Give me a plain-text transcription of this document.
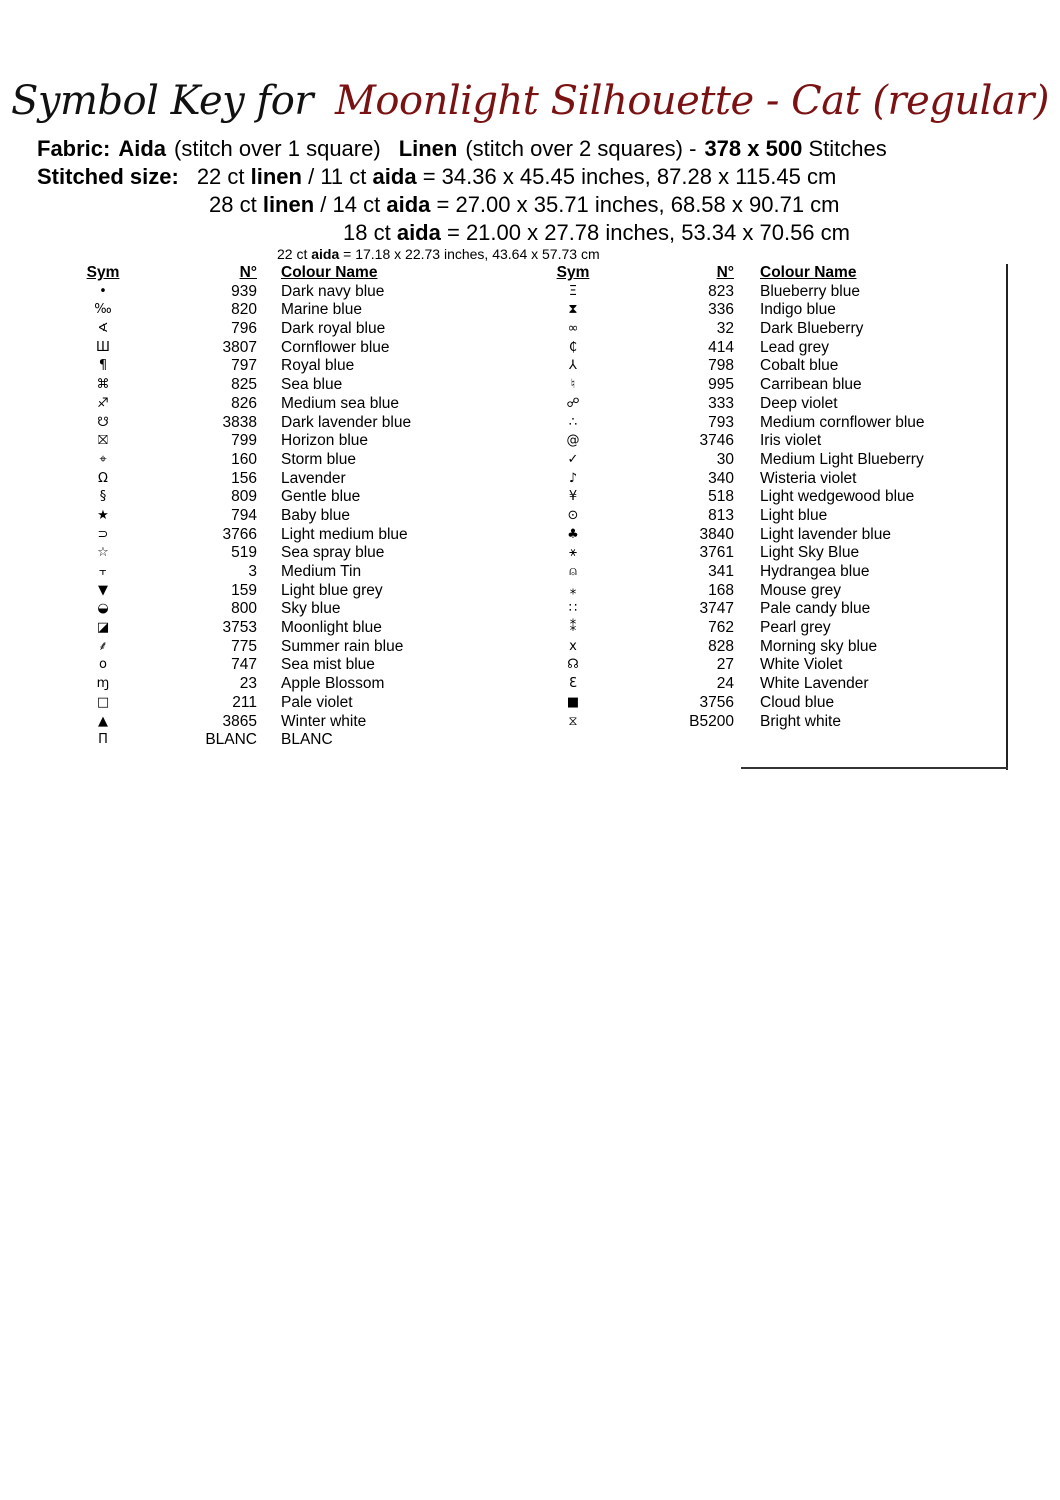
Symbol Key for Moonlight Silhouette - Cat (regular)
Fabric: Aida (stitch over 1 square) Linen (stitch over 2 squares) - 378 x 500 Stitches
Stitched size: 22 ct linen / 11 ct aida = 34.36 x 45.45 inches, 87.28 x 115.45 cm
28 ct linen / 14 ct aida = 27.00 x 35.71 inches, 68.58 x 90.71 cm
18 ct aida = 21.00 x 27.78 inches, 53.34 x 70.56 cm
22 ct aida = 17.18 x 22.73 inches, 43.64 x 57.73 cm
Sym	N° Colour Name
•	939 Dark navy blue
‰	820 Marine blue
∢	796 Dark royal blue
Ш	3807 Cornflower blue
¶	797 Royal blue
⌘	825 Sea blue
♐	826 Medium sea blue
☋	3838 Dark lavender blue
⛝	799 Horizon blue
⌖	160 Storm blue
Ω	156 Lavender
§	809 Gentle blue
★	794 Baby blue
⊃	3766 Light medium blue
☆	519 Sea spray blue
⫟	3 Medium Tin
▼	159 Light blue grey
◒	800 Sky blue
◪	3753 Moonlight blue
⸙	775 Summer rain blue
o	747 Sea mist blue
ɱ	23 Apple Blossom
□	211 Pale violet
▲	3865 Winter white
Π	BLANC BLANC
Sym	N° Colour Name
Ξ	823 Blueberry blue
⧗	336 Indigo blue
∞	32 Dark Blueberry
₵	414 Lead grey
⅄	798 Cobalt blue
♮	995 Carribean blue
☍	333 Deep violet
∴	793 Medium cornflower blue
@	3746 Iris violet
✓	30 Medium Light Blueberry
♪	340 Wisteria violet
¥	518 Light wedgewood blue
⊙	813 Light blue
♣	3840 Light lavender blue
⚹	3761 Light Sky Blue
⍝	341 Hydrangea blue
⁎	168 Mouse grey
∷	3747 Pale candy blue
⁑	762 Pearl grey
x	828 Morning sky blue
☊	27 White Violet
Ɛ	24 White Lavender
■	3756 Cloud blue
⧖	B5200 Bright white
